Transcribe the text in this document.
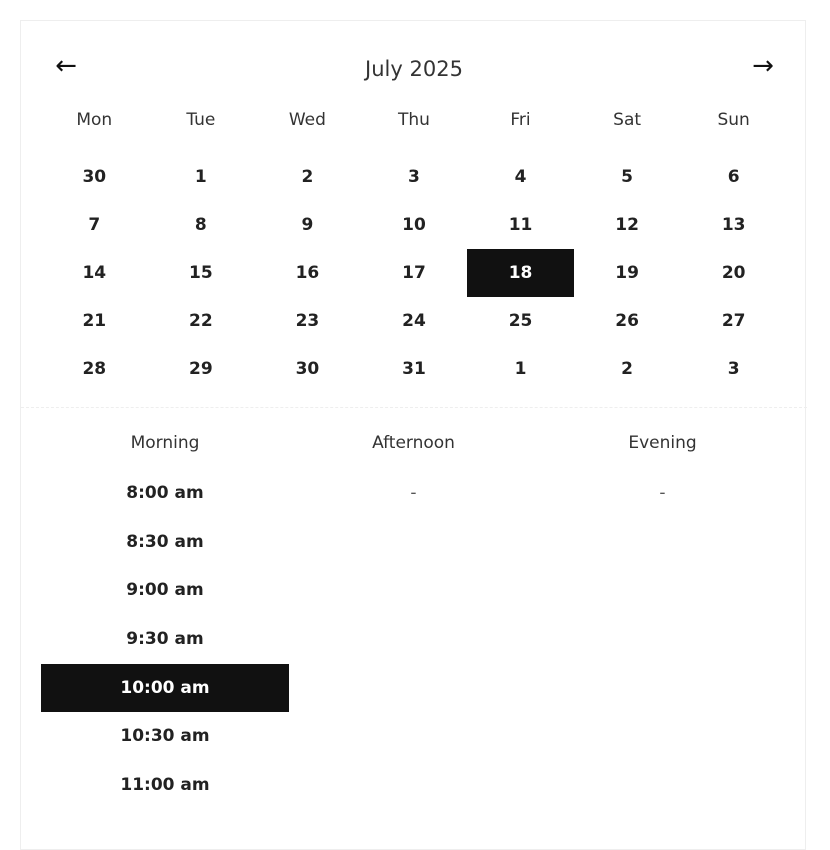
←	July 2025	→
Mon	Tue	Wed	Thu	Fri	Sat	Sun
30	1	2	3	4	5	6
7	8	9	10	11	12	13
14	15	16	17	18	19	20
21	22	23	24	25	26	27
28	29	30	31	1	2	3
Morning
8:00 am
8:30 am
9:00 am
9:30 am
10:00 am
10:30 am
11:00 am
Afternoon
-
Evening
-
